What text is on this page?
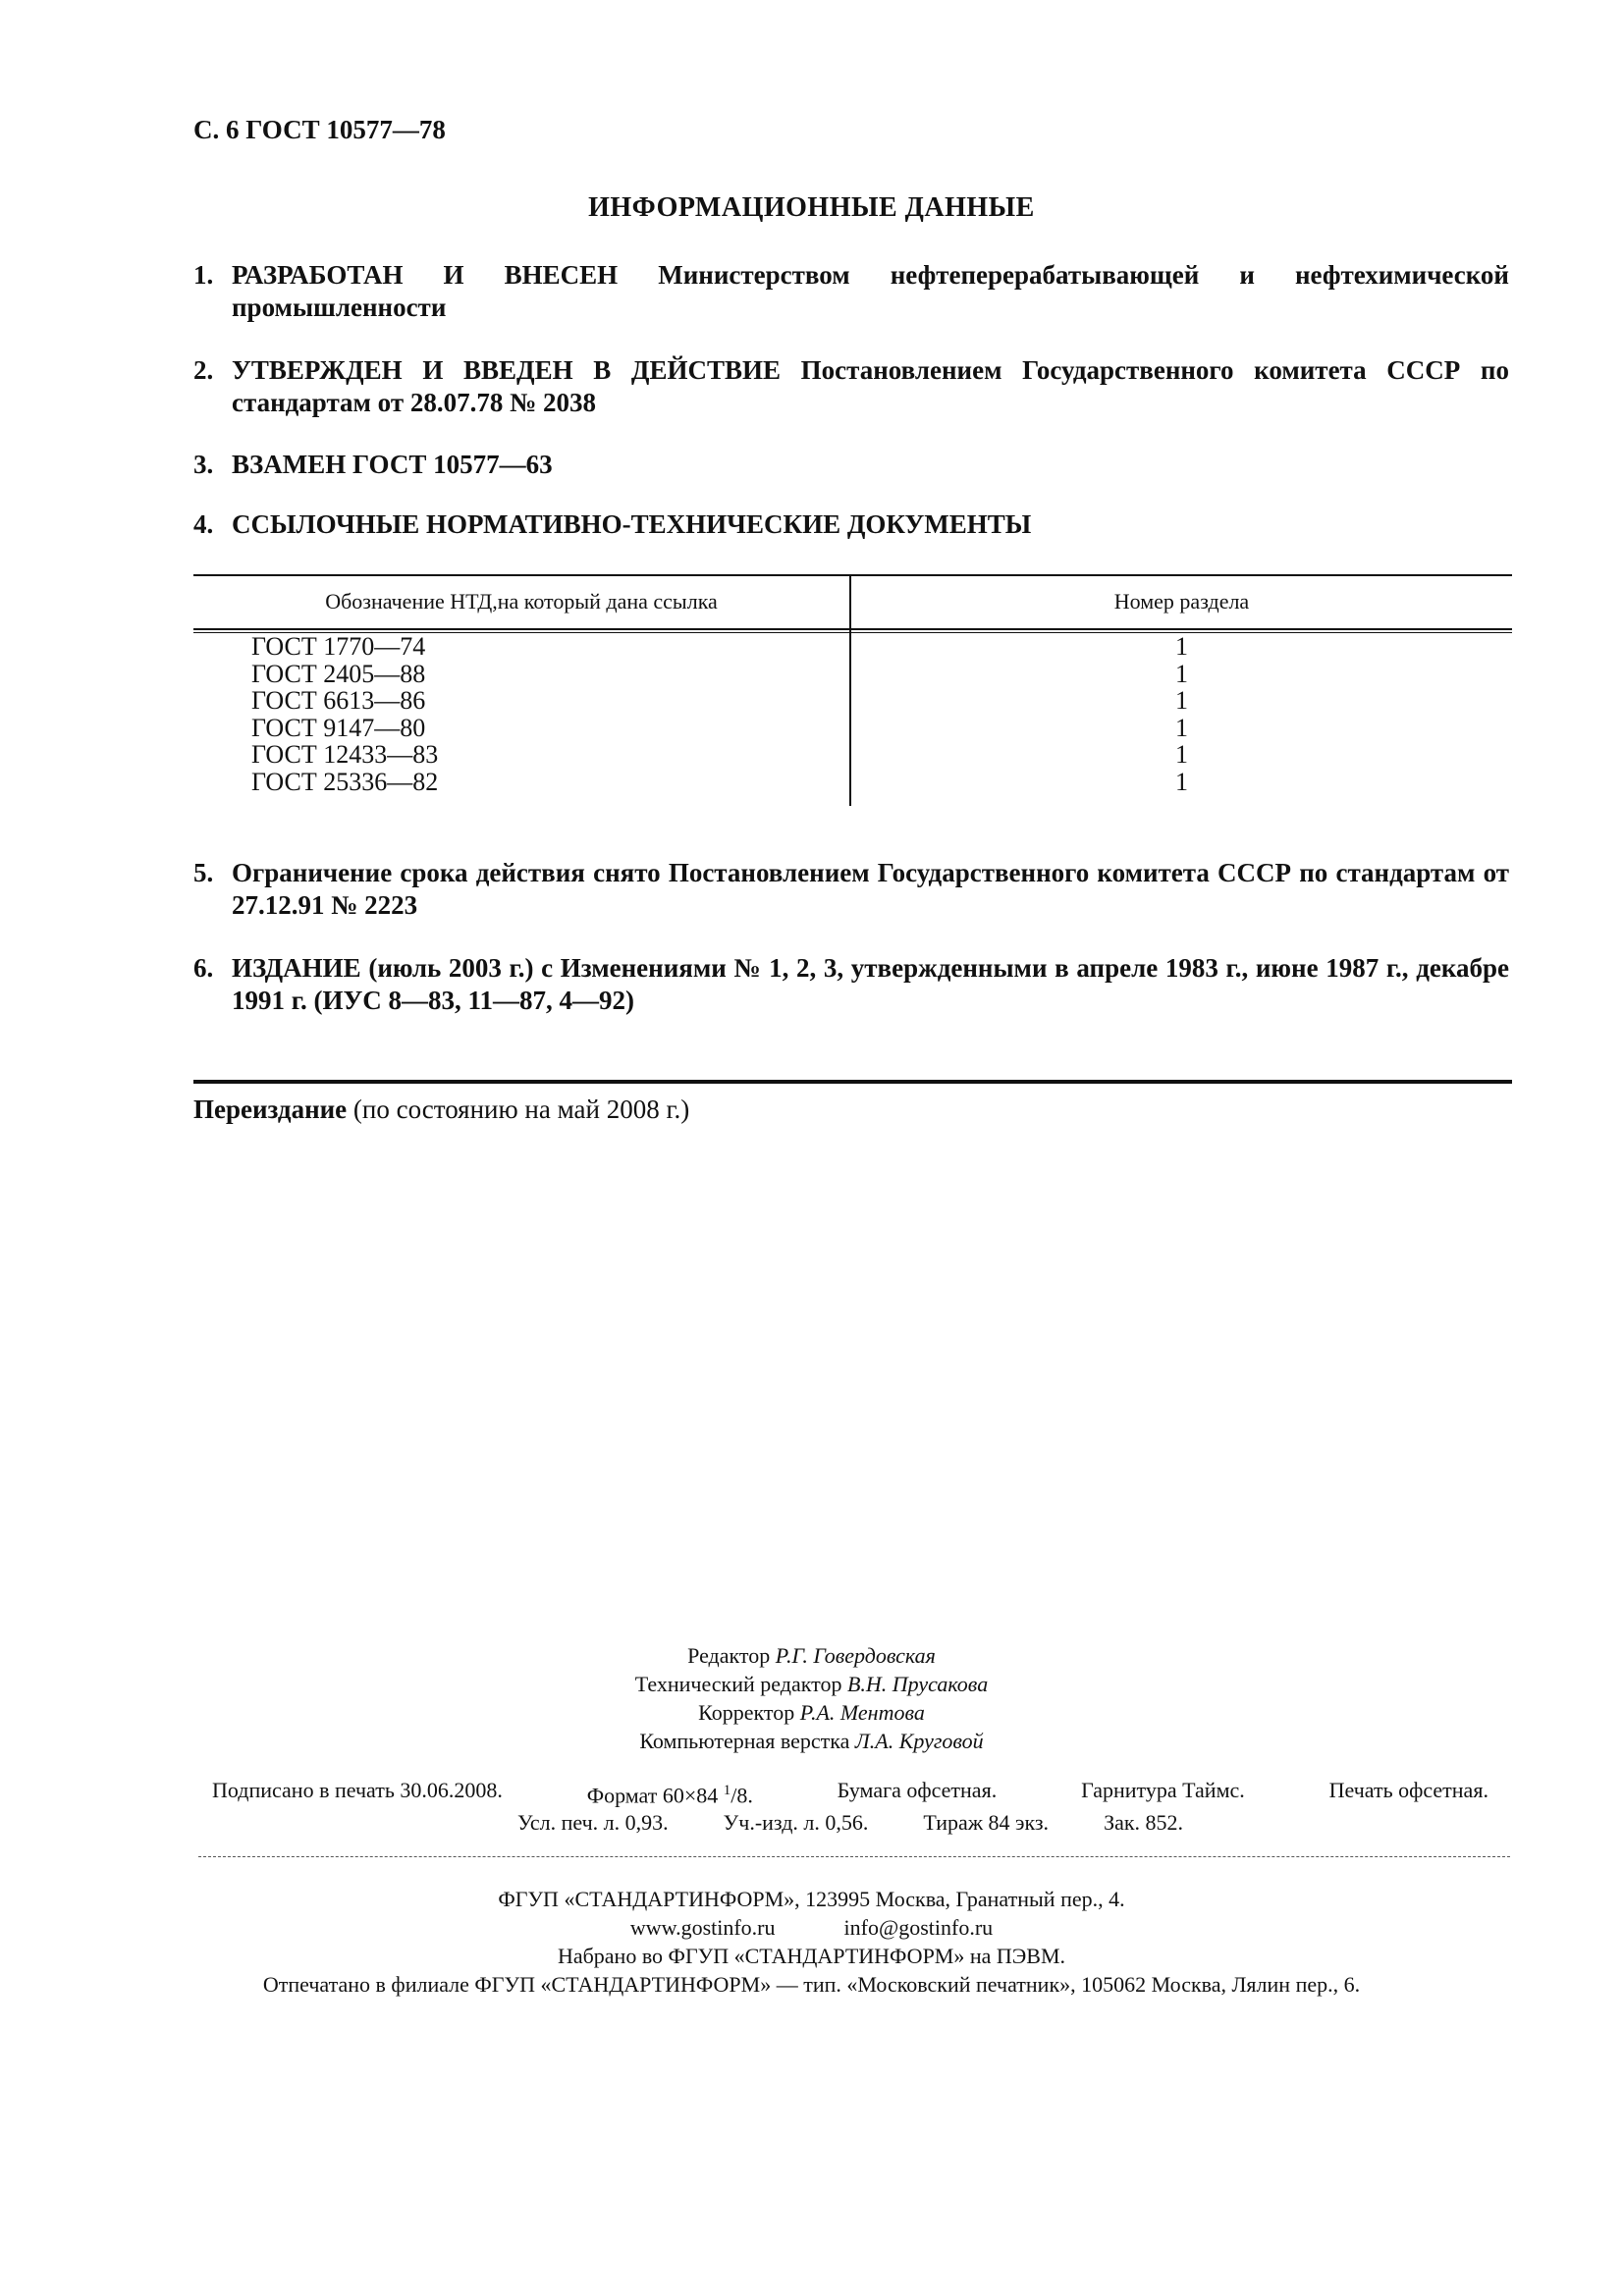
С. 6 ГОСТ 10577—78
ИНФОРМАЦИОННЫЕ ДАННЫЕ
1. РАЗРАБОТАН И ВНЕСЕН Министерством нефтеперерабатывающей и нефтехимической промышленности
2. УТВЕРЖДЕН И ВВЕДЕН В ДЕЙСТВИЕ Постановлением Государственного комитета СССР по стандартам от 28.07.78 № 2038
3. ВЗАМЕН ГОСТ 10577—63
4. ССЫЛОЧНЫЕ НОРМАТИВНО-ТЕХНИЧЕСКИЕ ДОКУМЕНТЫ
Обозначение НТД,на который дана ссылка	Номер раздела
ГОСТ 1770—74	1
ГОСТ 2405—88	1
ГОСТ 6613—86	1
ГОСТ 9147—80	1
ГОСТ 12433—83	1
ГОСТ 25336—82	1
5. Ограничение срока действия снято Постановлением Государственного комитета СССР по стандартам от 27.12.91 № 2223
6. ИЗДАНИЕ (июль 2003 г.) с Изменениями № 1, 2, 3, утвержденными в апреле 1983 г., июне 1987 г., декабре 1991 г. (ИУС 8—83, 11—87, 4—92)
Переиздание (по состоянию на май 2008 г.)
Редактор Р.Г. Говердовская
Технический редактор В.Н. Прусакова
Корректор Р.А. Ментова
Компьютерная верстка Л.А. Круговой
Подписано в печать 30.06.2008.	Формат 60×84 $^1$/8.	Бумага офсетная.	Гарнитура Таймс.	Печать офсетная.
Усл. печ. л. 0,93.	Уч.-изд. л. 0,56.	Тираж 84 экз.	Зак. 852.
ФГУП «СТАНДАРТИНФОРМ», 123995 Москва, Гранатный пер., 4.
www.gostinfo.ru	info@gostinfo.ru
Набрано во ФГУП «СТАНДАРТИНФОРМ» на ПЭВМ.
Отпечатано в филиале ФГУП «СТАНДАРТИНФОРМ» — тип. «Московский печатник», 105062 Москва, Лялин пер., 6.
